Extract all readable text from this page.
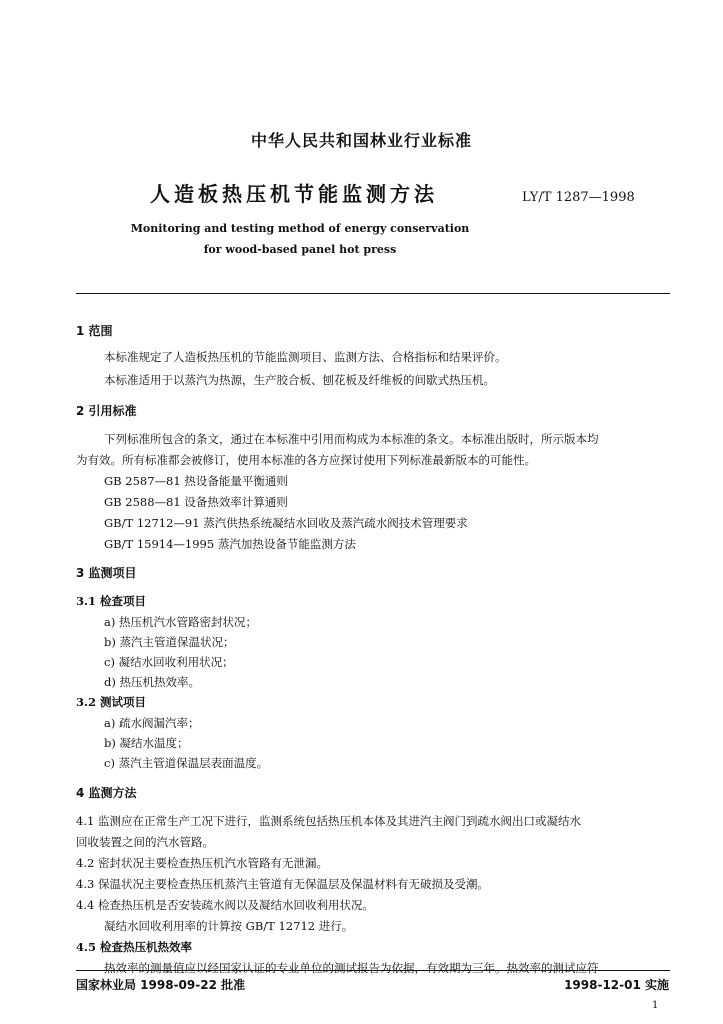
中华人民共和国林业行业标准
人造板热压机节能监测方法	LY/T 1287—1998
Monitoring and testing method of energy conservation
for wood-based panel hot press
1 范围
本标准规定了人造板热压机的节能监测项目、监测方法、合格指标和结果评价。
本标准适用于以蒸汽为热源，生产胶合板、刨花板及纤维板的间歇式热压机。
2 引用标准
下列标准所包含的条文，通过在本标准中引用而构成为本标准的条文。本标准出版时，所示版本均
为有效。所有标准都会被修订，使用本标准的各方应探讨使用下列标准最新版本的可能性。
GB 2587—81 热设备能量平衡通则
GB 2588—81 设备热效率计算通则
GB/T 12712—91 蒸汽供热系统凝结水回收及蒸汽疏水阀技术管理要求
GB/T 15914—1995 蒸汽加热设备节能监测方法
3 监测项目
3.1 检查项目
a) 热压机汽水管路密封状况；
b) 蒸汽主管道保温状况；
c) 凝结水回收利用状况；
d) 热压机热效率。
3.2 测试项目
a) 疏水阀漏汽率；
b) 凝结水温度；
c) 蒸汽主管道保温层表面温度。
4 监测方法
4.1 监测应在正常生产工况下进行，监测系统包括热压机本体及其进汽主阀门到疏水阀出口或凝结水
回收装置之间的汽水管路。
4.2 密封状况主要检查热压机汽水管路有无泄漏。
4.3 保温状况主要检查热压机蒸汽主管道有无保温层及保温材料有无破损及受潮。
4.4 检查热压机是否安装疏水阀以及凝结水回收利用状况。
凝结水回收利用率的计算按 GB/T 12712 进行。
4.5 检查热压机热效率
热效率的测量值应以经国家认证的专业单位的测试报告为依据，有效期为三年。热效率的测试应符
国家林业局 1998-09-22 批准	1998-12-01 实施
1
